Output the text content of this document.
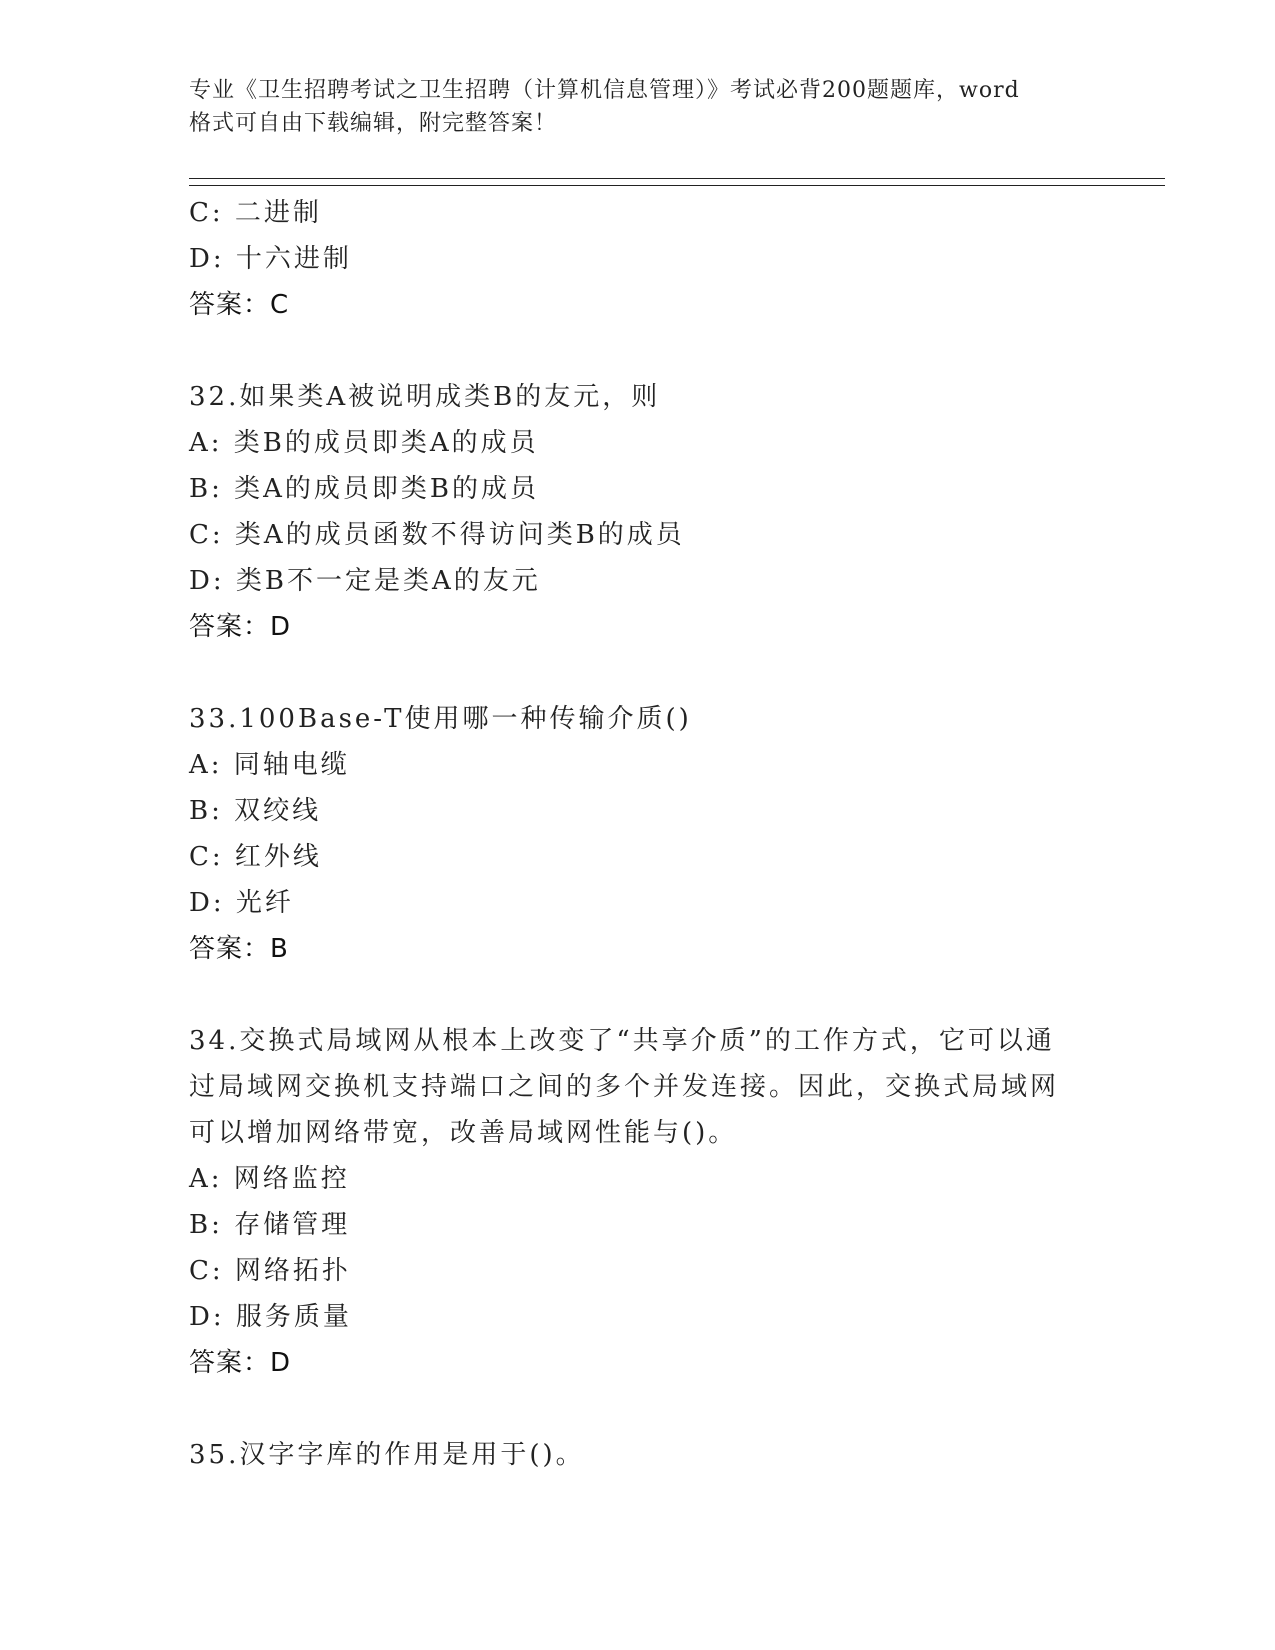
专业《卫生招聘考试之卫生招聘（计算机信息管理）》考试必背200题题库，word
格式可自由下载编辑，附完整答案！
C: 二进制
D: 十六进制
答案：C
32.如果类A被说明成类B的友元，则
A: 类B的成员即类A的成员
B: 类A的成员即类B的成员
C: 类A的成员函数不得访问类B的成员
D: 类B不一定是类A的友元
答案：D
33.100Base-T使用哪一种传输介质()
A: 同轴电缆
B: 双绞线
C: 红外线
D: 光纤
答案：B
34.交换式局域网从根本上改变了“共享介质”的工作方式，它可以通过局域网交换机支持端口之间的多个并发连接。因此，交换式局域网可以增加网络带宽，改善局域网性能与()。
A: 网络监控
B: 存储管理
C: 网络拓扑
D: 服务质量
答案：D
35.汉字字库的作用是用于()。
